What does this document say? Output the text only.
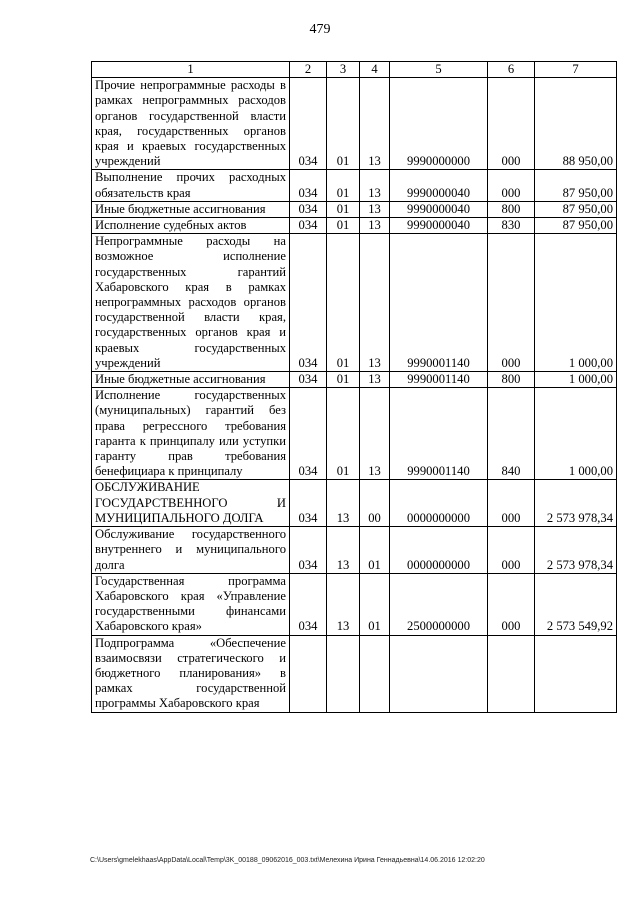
479
1	2	3	4	5	6	7
Прочие непрограммные расходы в рамках непрограммных расходов органов государственной власти края, государственных органов края и краевых государственных учреждений	034	01	13	9990000000	000	88 950,00
Выполнение прочих расходных обязательств края	034	01	13	9990000040	000	87 950,00
Иные бюджетные ассигнования	034	01	13	9990000040	800	87 950,00
Исполнение судебных актов	034	01	13	9990000040	830	87 950,00
Непрограммные расходы на возможное исполнение государственных гарантий Хабаровского края в рамках непрограммных расходов органов государственной власти края, государственных органов края и краевых государственных учреждений	034	01	13	9990001140	000	1 000,00
Иные бюджетные ассигнования	034	01	13	9990001140	800	1 000,00
Исполнение государственных (муниципальных) гарантий без права регрессного требования гаранта к принципалу или уступки гаранту прав требования бенефициара к принципалу	034	01	13	9990001140	840	1 000,00
ОБСЛУЖИВАНИЕ ГОСУДАРСТВЕННОГО И МУНИЦИПАЛЬНОГО ДОЛГА	034	13	00	0000000000	000	2 573 978,34
Обслуживание государственного внутреннего и муниципального долга	034	13	01	0000000000	000	2 573 978,34
Государственная программа Хабаровского края «Управление государственными финансами Хабаровского края»	034	13	01	2500000000	000	2 573 549,92
Подпрограмма «Обеспечение взаимосвязи стратегического и бюджетного планирования» в рамках государственной программы Хабаровского края						
C:\Users\gmelekhaas\AppData\Local\Temp\3K_00188_09062016_003.txt\Мелехина Ирина Геннадьевна\14.06.2016 12:02:20
